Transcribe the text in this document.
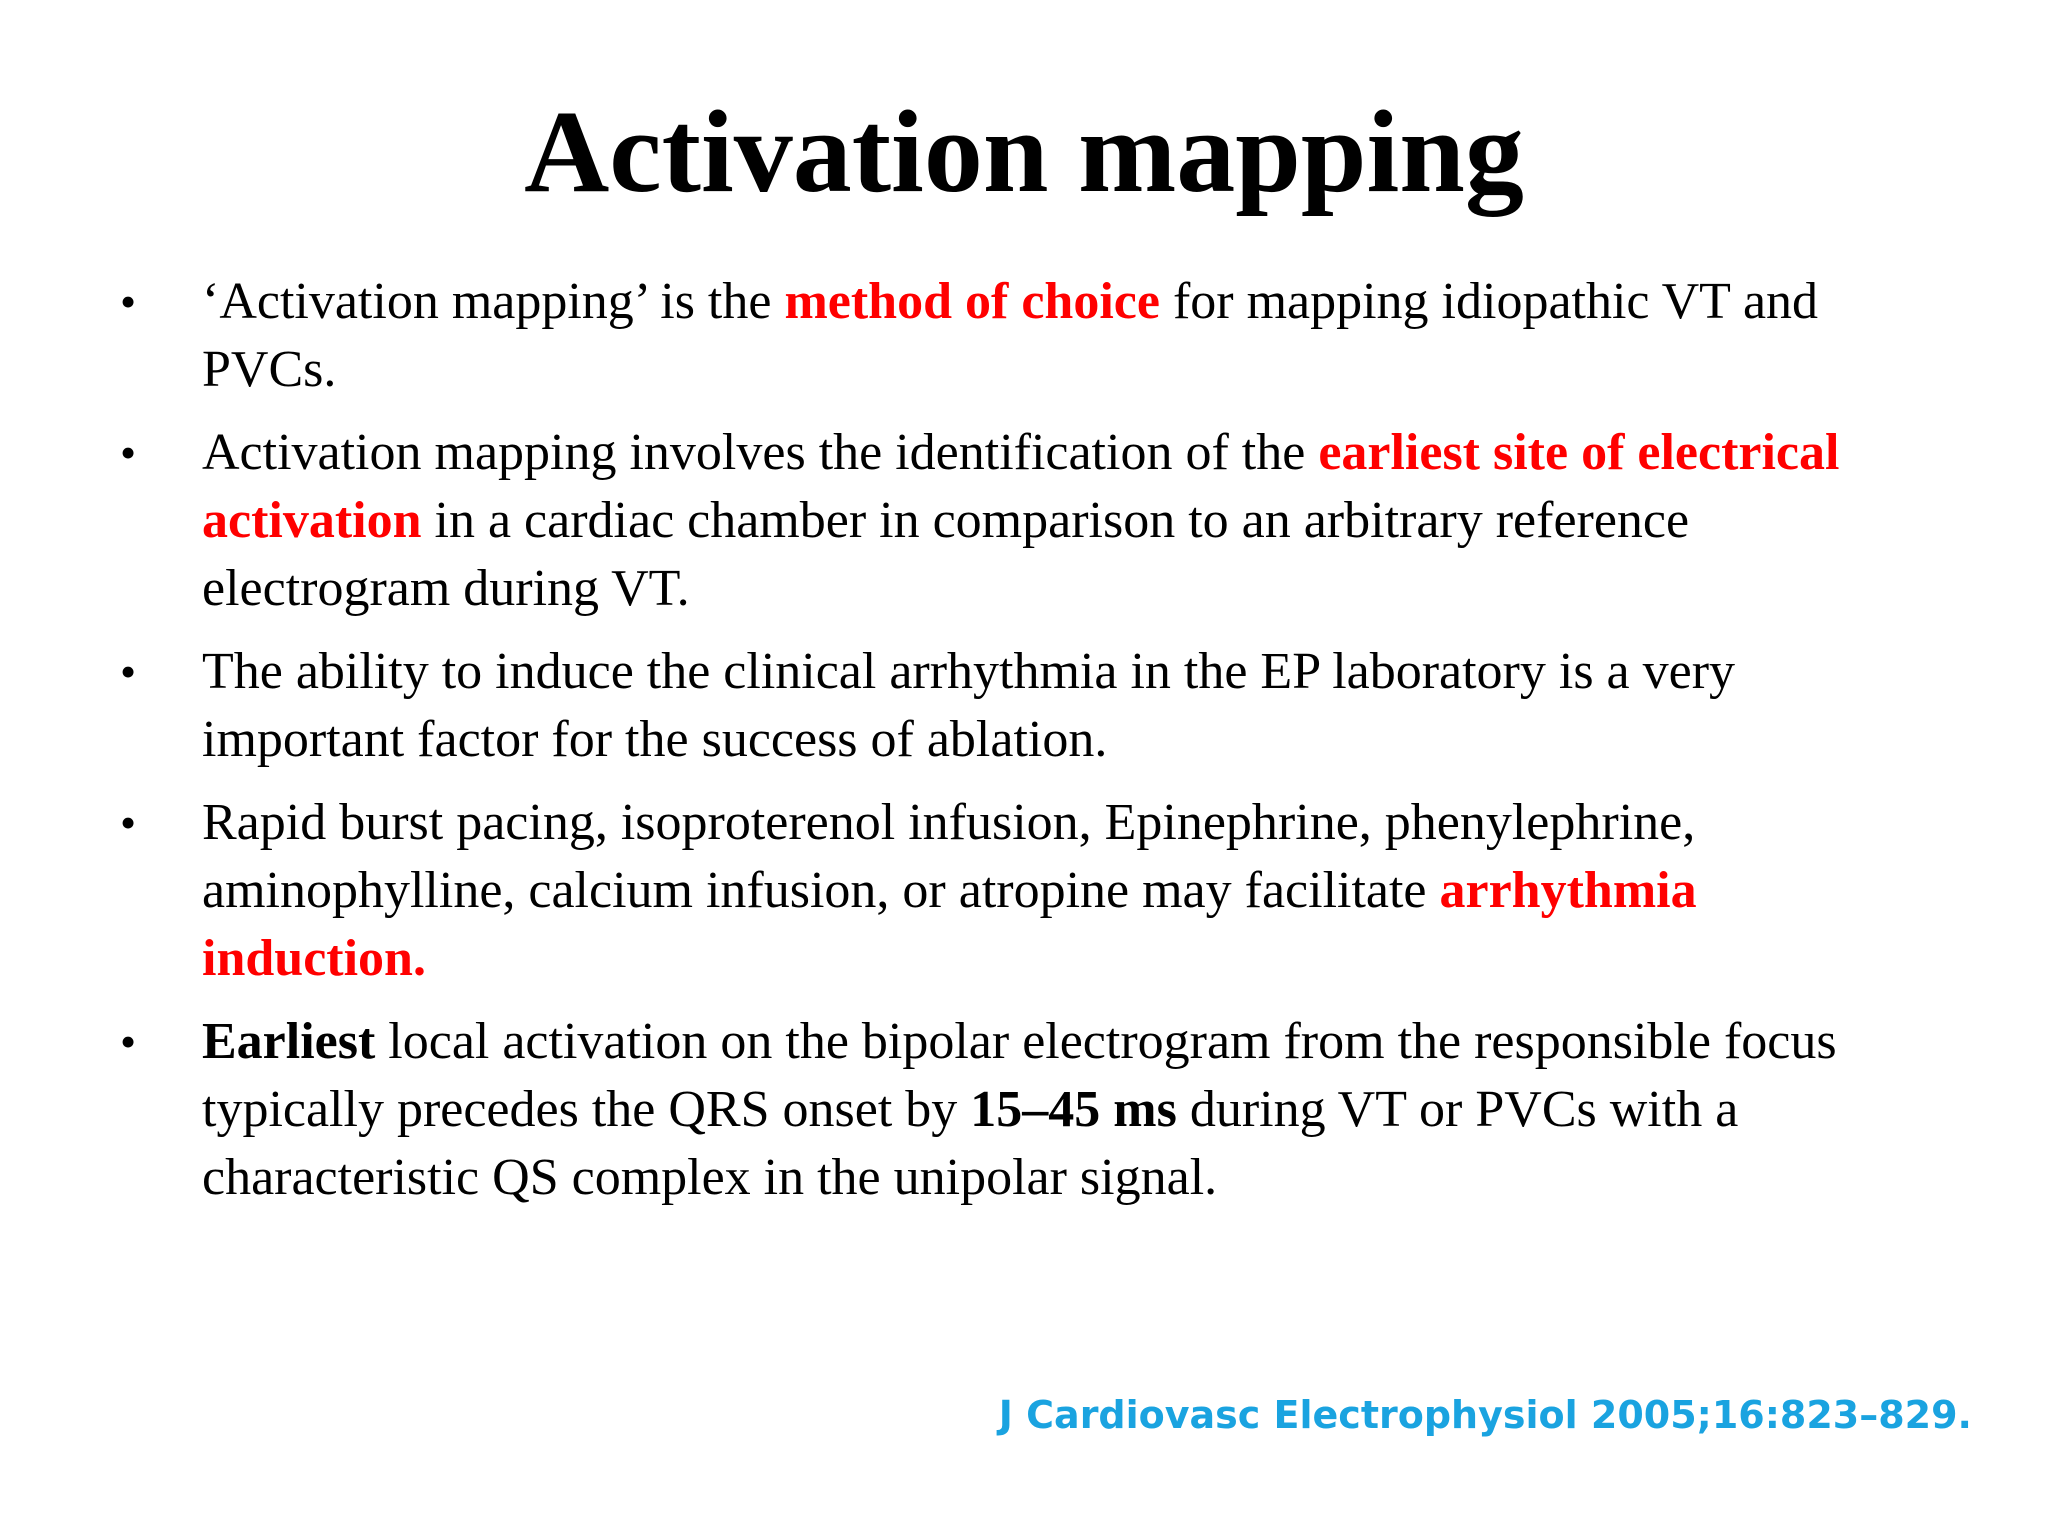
Activation mapping
• ‘Activation mapping’ is the method of choice for mapping idiopathic VT and PVCs.
• Activation mapping involves the identification of the earliest site of electrical activation in a cardiac chamber in comparison to an arbitrary reference electrogram during VT.
• The ability to induce the clinical arrhythmia in the EP laboratory is a very important factor for the success of ablation.
• Rapid burst pacing, isoproterenol infusion, Epinephrine, phenylephrine, aminophylline, calcium infusion, or atropine may facilitate arrhythmia induction.
• Earliest local activation on the bipolar electrogram from the responsible focus typically precedes the QRS onset by 15–45 ms during VT or PVCs with a characteristic QS complex in the unipolar signal.
J Cardiovasc Electrophysiol 2005;16:823–829.
